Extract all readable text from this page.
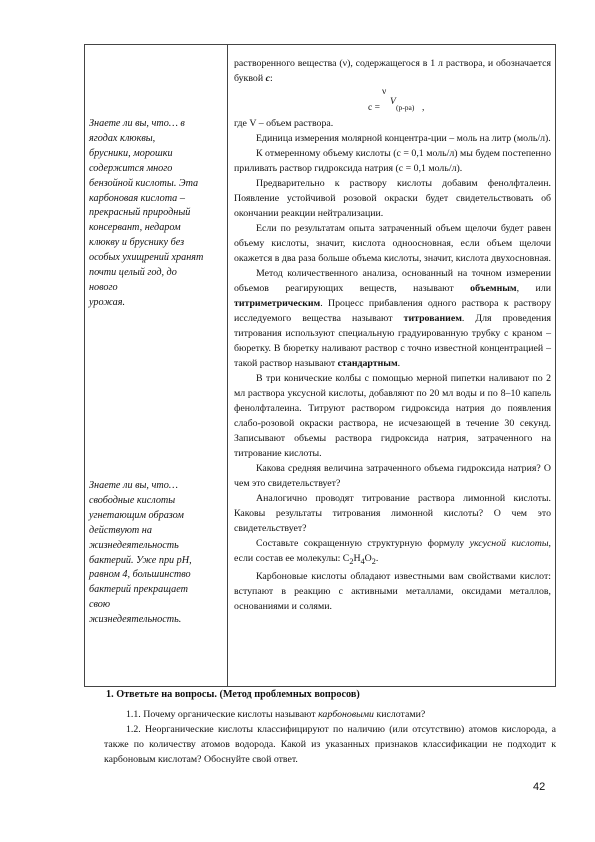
Знаете ли вы, что… в

ягодах клюквы,

брусники, морошки

содержится много

бензойной кислоты. Эта

карбоновая кислота –

прекрасный природный

консервант, недаром

клюкву и бруснику без

особых ухищрений хранят

почти целый год, до

нового

урожая.

Знаете ли вы, что…

свободные кислоты

угнетающим образом

действуют на

жизнедеятельность

бактерий. Уже при pH,

равном 4, большинство

бактерий прекращает

свою

жизнедеятельность.

растворенного вещества (ν), содержащегося в 1 л раствора, и обозначается буквой c:

ν
с =
V
(р-ра) ,

где V – объем раствора.

Единица измерения молярной концентра-ции – моль на литр (моль/л).

К отмеренному объему кислоты (с = 0,1 моль/л) мы будем постепенно приливать раствор гидроксида натрия (с = 0,1 моль/л).

Предварительно к раствору кислоты добавим фенолфталеин. Появление устойчивой розовой окраски будет свидетельствовать об окончании реакции нейтрализации.

Если по результатам опыта затраченный объем щелочи будет равен объему кислоты, значит, кислота одноосновная, если объем щелочи окажется в два раза больше объема кислоты, значит, кислота двухосновная.

Метод количественного анализа, основанный на точном измерении объемов реагирующих веществ, называют объемным, или титриметрическим. Процесс прибавления одного раствора к раствору исследуемого вещества называют титрованием. Для проведения титрования используют специальную градуированную трубку с краном – бюретку. В бюретку наливают раствор с точно известной концентрацией – такой раствор называют стандартным.

В три конические колбы с помощью мерной пипетки наливают по 2 мл раствора уксусной кислоты, добавляют по 20 мл воды и по 8–10 капель фенолфталеина. Титруют раствором гидроксида натрия до появления слабо-розовой окраски раствора, не исчезающей в течение 30 секунд. Записывают объемы раствора гидроксида натрия, затраченного на титрование кислоты.

Какова средняя величина затраченного объема гидроксида натрия? О чем это свидетельствует?

Аналогично проводят титрование раствора лимонной кислоты. Каковы результаты титрования лимонной кислоты? О чем это свидетельствует?

Составьте сокращенную структурную формулу уксусной кислоты, если состав ее молекулы: $C_2H_4O_2$.

Карбоновые кислоты обладают известными вам свойствами кислот: вступают в реакцию с активными металлами, оксидами металлов, основаниями и солями.

1. Ответьте на вопросы. (Метод проблемных вопросов)

1.1. Почему органические кислоты называют карбоновыми кислотами?

1.2. Неорганические кислоты классифицируют по наличию (или отсутствию) атомов кислорода, а также по количеству атомов водорода. Какой из указанных признаков классификации не подходит к карбоновым кислотам? Обоснуйте свой ответ.

42
